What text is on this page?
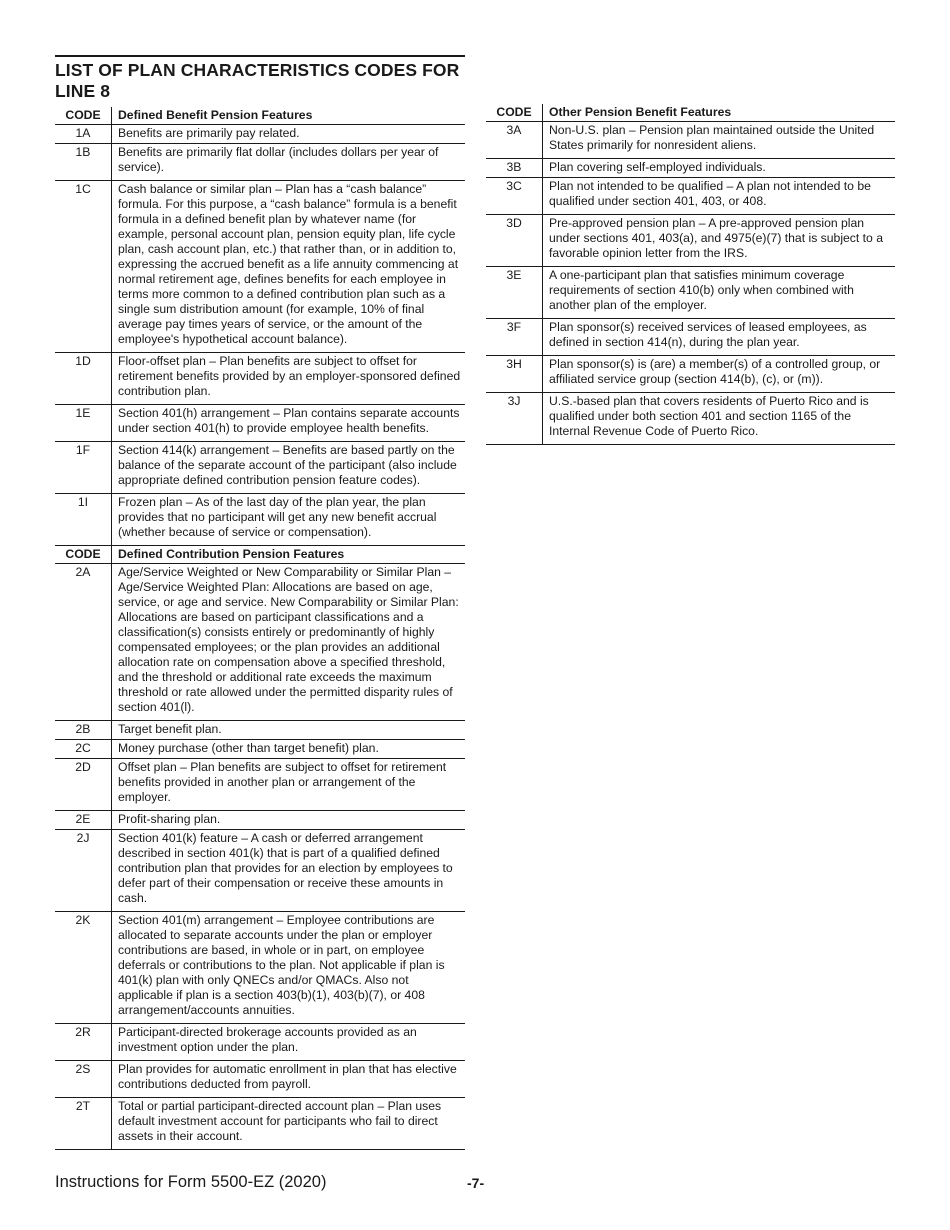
LIST OF PLAN CHARACTERISTICS CODES FOR LINE 8
CODE	Defined Benefit Pension Features
1A	Benefits are primarily pay related.
1B	Benefits are primarily flat dollar (includes dollars per year of service).
1C	Cash balance or similar plan – Plan has a “cash balance” formula. For this purpose, a “cash balance” formula is a benefit formula in a defined benefit plan by whatever name (for example, personal account plan, pension equity plan, life cycle plan, cash account plan, etc.) that rather than, or in addition to, expressing the accrued benefit as a life annuity commencing at normal retirement age, defines benefits for each employee in terms more common to a defined contribution plan such as a single sum distribution amount (for example, 10% of final average pay times years of service, or the amount of the employee's hypothetical account balance).
1D	Floor-offset plan – Plan benefits are subject to offset for retirement benefits provided by an employer-sponsored defined contribution plan.
1E	Section 401(h) arrangement – Plan contains separate accounts under section 401(h) to provide employee health benefits.
1F	Section 414(k) arrangement – Benefits are based partly on the balance of the separate account of the participant (also include appropriate defined contribution pension feature codes).
1I	Frozen plan – As of the last day of the plan year, the plan provides that no participant will get any new benefit accrual (whether because of service or compensation).
CODE	Defined Contribution Pension Features
2A	Age/Service Weighted or New Comparability or Similar Plan – Age/Service Weighted Plan: Allocations are based on age, service, or age and service. New Comparability or Similar Plan: Allocations are based on participant classifications and a classification(s) consists entirely or predominantly of highly compensated employees; or the plan provides an additional allocation rate on compensation above a specified threshold, and the threshold or additional rate exceeds the maximum threshold or rate allowed under the permitted disparity rules of section 401(l).
2B	Target benefit plan.
2C	Money purchase (other than target benefit) plan.
2D	Offset plan – Plan benefits are subject to offset for retirement benefits provided in another plan or arrangement of the employer.
2E	Profit-sharing plan.
2J	Section 401(k) feature – A cash or deferred arrangement described in section 401(k) that is part of a qualified defined contribution plan that provides for an election by employees to defer part of their compensation or receive these amounts in cash.
2K	Section 401(m) arrangement – Employee contributions are allocated to separate accounts under the plan or employer contributions are based, in whole or in part, on employee deferrals or contributions to the plan. Not applicable if plan is 401(k) plan with only QNECs and/or QMACs. Also not applicable if plan is a section 403(b)(1), 403(b)(7), or 408 arrangement/accounts annuities.
2R	Participant-directed brokerage accounts provided as an investment option under the plan.
2S	Plan provides for automatic enrollment in plan that has elective contributions deducted from payroll.
2T	Total or partial participant-directed account plan – Plan uses default investment account for participants who fail to direct assets in their account.
CODE	Other Pension Benefit Features
3A	Non-U.S. plan – Pension plan maintained outside the United States primarily for nonresident aliens.
3B	Plan covering self-employed individuals.
3C	Plan not intended to be qualified – A plan not intended to be qualified under section 401, 403, or 408.
3D	Pre-approved pension plan – A pre-approved pension plan under sections 401, 403(a), and 4975(e)(7) that is subject to a favorable opinion letter from the IRS.
3E	A one-participant plan that satisfies minimum coverage requirements of section 410(b) only when combined with another plan of the employer.
3F	Plan sponsor(s) received services of leased employees, as defined in section 414(n), during the plan year.
3H	Plan sponsor(s) is (are) a member(s) of a controlled group, or affiliated service group (section 414(b), (c), or (m)).
3J	U.S.-based plan that covers residents of Puerto Rico and is qualified under both section 401 and section 1165 of the Internal Revenue Code of Puerto Rico.
Instructions for Form 5500-EZ (2020)	-7-
